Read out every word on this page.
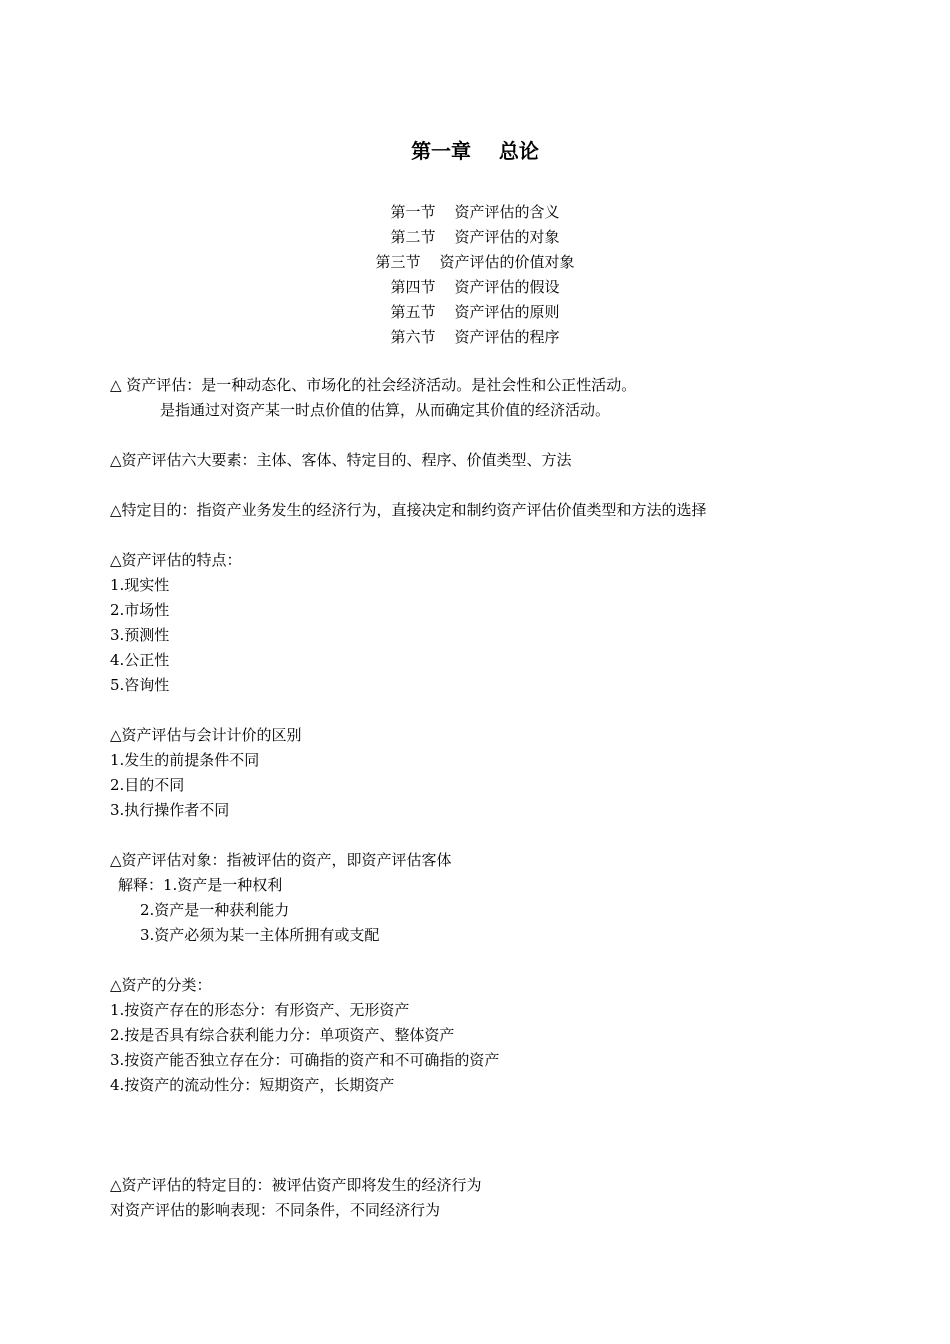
第一章    总论
第一节    资产评估的含义
第二节    资产评估的对象
第三节    资产评估的价值对象
第四节    资产评估的假设
第五节    资产评估的原则
第六节    资产评估的程序
△ 资产评估：是一种动态化、市场化的社会经济活动。是社会性和公正性活动。
是指通过对资产某一时点价值的估算，从而确定其价值的经济活动。
△资产评估六大要素：主体、客体、特定目的、程序、价值类型、方法
△特定目的：指资产业务发生的经济行为，直接决定和制约资产评估价值类型和方法的选择
△资产评估的特点：
1.现实性
2.市场性
3.预测性
4.公正性
5.咨询性
△资产评估与会计计价的区别
1.发生的前提条件不同
2.目的不同
3.执行操作者不同
△资产评估对象：指被评估的资产，即资产评估客体
解释：1.资产是一种权利
2.资产是一种获利能力
3.资产必须为某一主体所拥有或支配
△资产的分类：
1.按资产存在的形态分：有形资产、无形资产
2.按是否具有综合获利能力分：单项资产、整体资产
3.按资产能否独立存在分：可确指的资产和不可确指的资产
4.按资产的流动性分：短期资产，长期资产
△资产评估的特定目的：被评估资产即将发生的经济行为
对资产评估的影响表现：不同条件，不同经济行为
